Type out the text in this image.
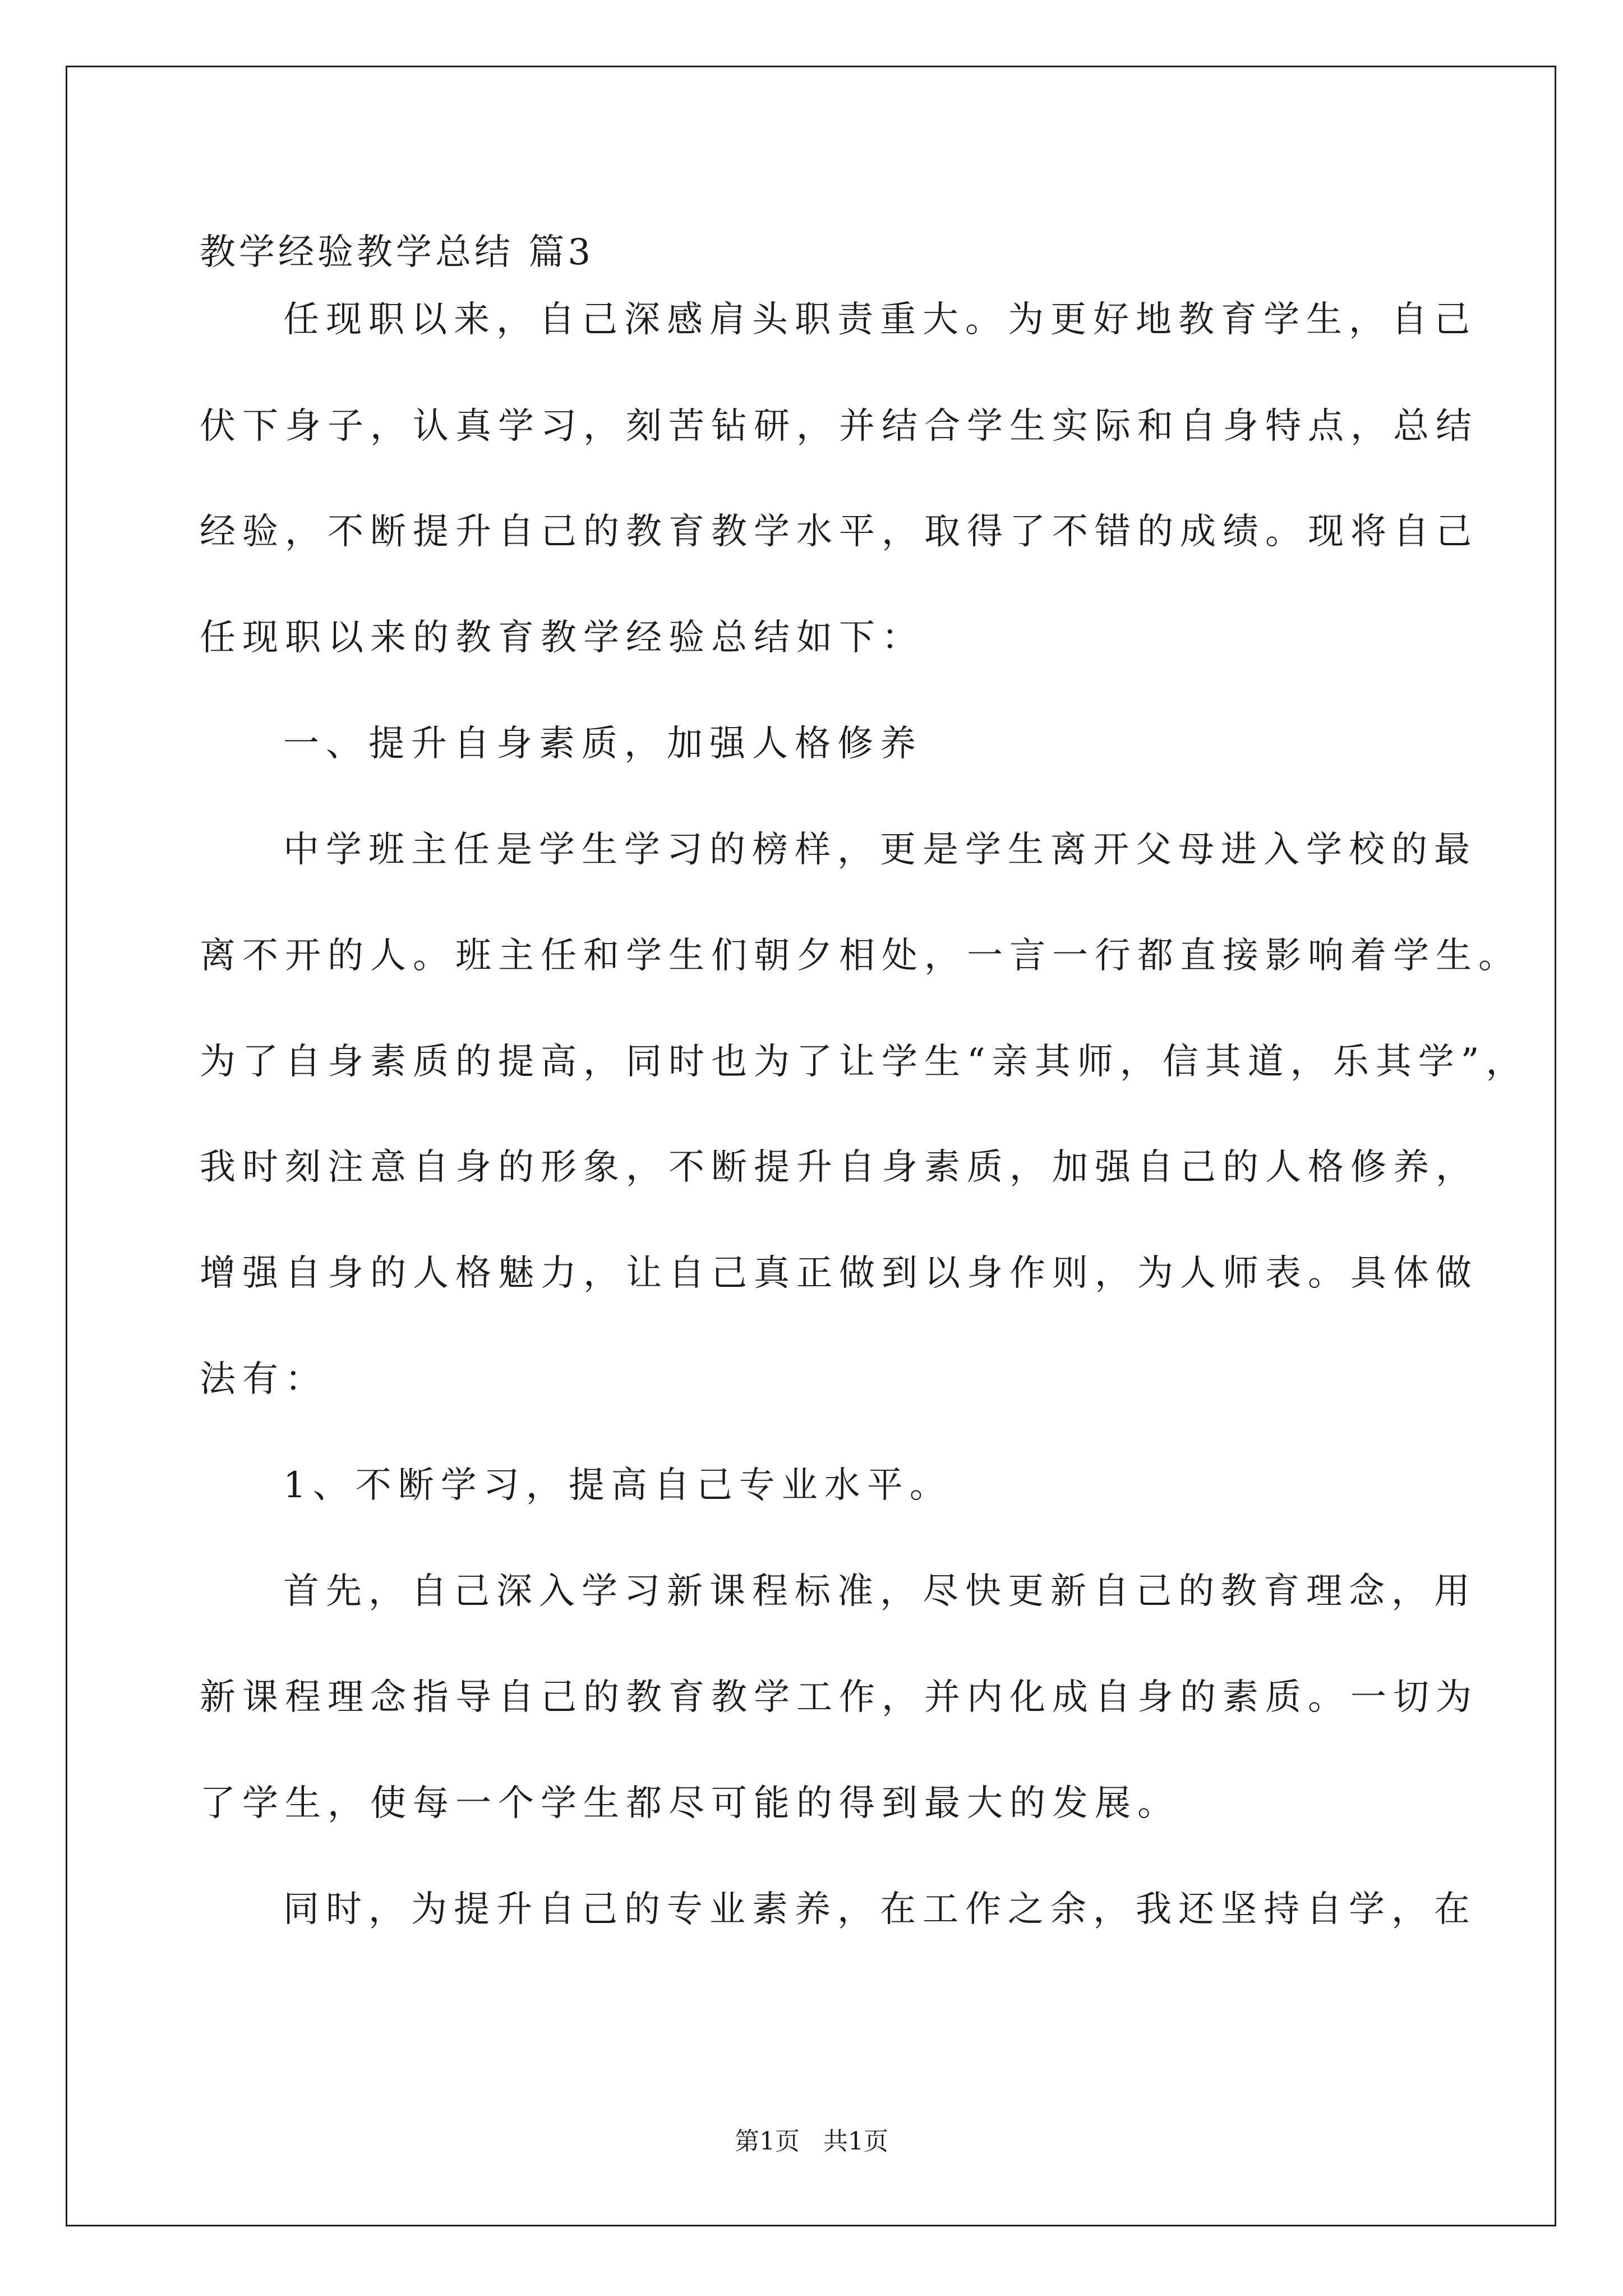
教学经验教学总结 篇3
任现职以来，自己深感肩头职责重大。为更好地教育学生，自己
伏下身子，认真学习，刻苦钻研，并结合学生实际和自身特点，总结
经验，不断提升自己的教育教学水平，取得了不错的成绩。现将自己
任现职以来的教育教学经验总结如下：
一、提升自身素质，加强人格修养
中学班主任是学生学习的榜样，更是学生离开父母进入学校的最
离不开的人。班主任和学生们朝夕相处，一言一行都直接影响着学生。
为了自身素质的提高，同时也为了让学生“亲其师，信其道，乐其学”，
我时刻注意自身的形象，不断提升自身素质，加强自己的人格修养，
增强自身的人格魅力，让自己真正做到以身作则，为人师表。具体做
法有：
1、不断学习，提高自己专业水平。
首先，自己深入学习新课程标准，尽快更新自己的教育理念，用
新课程理念指导自己的教育教学工作，并内化成自身的素质。一切为
了学生，使每一个学生都尽可能的得到最大的发展。
同时，为提升自己的专业素养，在工作之余，我还坚持自学，在
第1页 共1页
